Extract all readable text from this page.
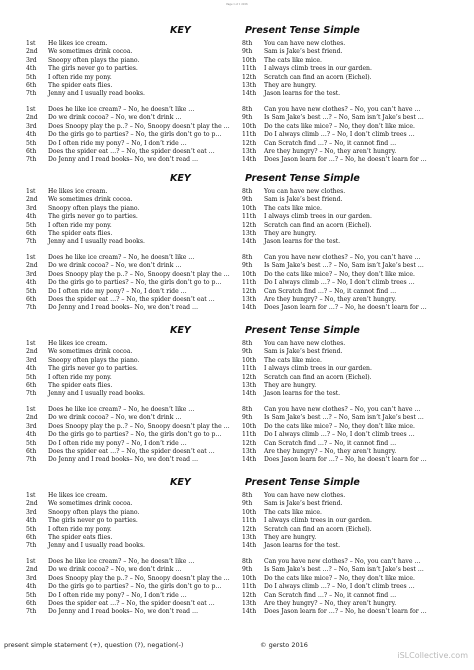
Page 1 of 1 2016
KEY	Present Tense Simple
1st He likes ice cream.
2nd We sometimes drink cocoa.
3rd Snoopy often plays the piano.
4th The girls never go to parties.
5th I often ride my pony.
6th The spider eats flies.
7th Jenny and I usually read books.
8th You can have new clothes.
9th Sam is Jake’s best friend.
10th The cats like mice.
11th I always climb trees in our garden.
12th Scratch can find an acorn (Eichel).
13th They are hungry.
14th Jason learns for the test.
1st Does he like ice cream? – No, he doesn’t like …
2nd Do we drink cocoa? – No, we don’t drink …
3rd Does Snoopy play the p..? – No, Snoopy doesn’t play the …
4th Do the girls go to parties? – No, the girls don’t go to p…
5th Do I often ride my pony? – No, I don’t ride …
6th Does the spider eat …? – No, the spider doesn’t eat …
7th Do Jenny and I read books– No, we don’t read …
8th Can you have new clothes? – No, you can’t have …
9th Is Sam Jake’s best …? – No, Sam isn’t Jake’s best …
10th Do the cats like mice? – No, they don’t like mice.
11th Do I always climb …? – No, I don’t climb trees …
12th Can Scratch find …? – No, it cannot find …
13th Are they hungry? – No, they aren’t hungry.
14th Does Jason learn for …? – No, he doesn’t learn for …
KEY	Present Tense Simple
1st He likes ice cream.
2nd We sometimes drink cocoa.
3rd Snoopy often plays the piano.
4th The girls never go to parties.
5th I often ride my pony.
6th The spider eats flies.
7th Jenny and I usually read books.
8th You can have new clothes.
9th Sam is Jake’s best friend.
10th The cats like mice.
11th I always climb trees in our garden.
12th Scratch can find an acorn (Eichel).
13th They are hungry.
14th Jason learns for the test.
1st Does he like ice cream? – No, he doesn’t like …
2nd Do we drink cocoa? – No, we don’t drink …
3rd Does Snoopy play the p..? – No, Snoopy doesn’t play the …
4th Do the girls go to parties? – No, the girls don’t go to p…
5th Do I often ride my pony? – No, I don’t ride …
6th Does the spider eat …? – No, the spider doesn’t eat …
7th Do Jenny and I read books– No, we don’t read …
8th Can you have new clothes? – No, you can’t have …
9th Is Sam Jake’s best …? – No, Sam isn’t Jake’s best …
10th Do the cats like mice? – No, they don’t like mice.
11th Do I always climb …? – No, I don’t climb trees …
12th Can Scratch find …? – No, it cannot find …
13th Are they hungry? – No, they aren’t hungry.
14th Does Jason learn for …? – No, he doesn’t learn for …
KEY	Present Tense Simple
1st He likes ice cream.
2nd We sometimes drink cocoa.
3rd Snoopy often plays the piano.
4th The girls never go to parties.
5th I often ride my pony.
6th The spider eats flies.
7th Jenny and I usually read books.
8th You can have new clothes.
9th Sam is Jake’s best friend.
10th The cats like mice.
11th I always climb trees in our garden.
12th Scratch can find an acorn (Eichel).
13th They are hungry.
14th Jason learns for the test.
1st Does he like ice cream? – No, he doesn’t like …
2nd Do we drink cocoa? – No, we don’t drink …
3rd Does Snoopy play the p..? – No, Snoopy doesn’t play the …
4th Do the girls go to parties? – No, the girls don’t go to p…
5th Do I often ride my pony? – No, I don’t ride …
6th Does the spider eat …? – No, the spider doesn’t eat …
7th Do Jenny and I read books– No, we don’t read …
8th Can you have new clothes? – No, you can’t have …
9th Is Sam Jake’s best …? – No, Sam isn’t Jake’s best …
10th Do the cats like mice? – No, they don’t like mice.
11th Do I always climb …? – No, I don’t climb trees …
12th Can Scratch find …? – No, it cannot find …
13th Are they hungry? – No, they aren’t hungry.
14th Does Jason learn for …? – No, he doesn’t learn for …
KEY	Present Tense Simple
1st He likes ice cream.
2nd We sometimes drink cocoa.
3rd Snoopy often plays the piano.
4th The girls never go to parties.
5th I often ride my pony.
6th The spider eats flies.
7th Jenny and I usually read books.
8th You can have new clothes.
9th Sam is Jake’s best friend.
10th The cats like mice.
11th I always climb trees in our garden.
12th Scratch can find an acorn (Eichel).
13th They are hungry.
14th Jason learns for the test.
1st Does he like ice cream? – No, he doesn’t like …
2nd Do we drink cocoa? – No, we don’t drink …
3rd Does Snoopy play the p..? – No, Snoopy doesn’t play the …
4th Do the girls go to parties? – No, the girls don’t go to p…
5th Do I often ride my pony? – No, I don’t ride …
6th Does the spider eat …? – No, the spider doesn’t eat …
7th Do Jenny and I read books– No, we don’t read …
8th Can you have new clothes? – No, you can’t have …
9th Is Sam Jake’s best …? – No, Sam isn’t Jake’s best …
10th Do the cats like mice? – No, they don’t like mice.
11th Do I always climb …? – No, I don’t climb trees …
12th Can Scratch find …? – No, it cannot find …
13th Are they hungry? – No, they aren’t hungry.
14th Does Jason learn for …? – No, he doesn’t learn for …
present simple statement (+), question (?), negation(-)	© gersto 2016
iSLCollective.com
